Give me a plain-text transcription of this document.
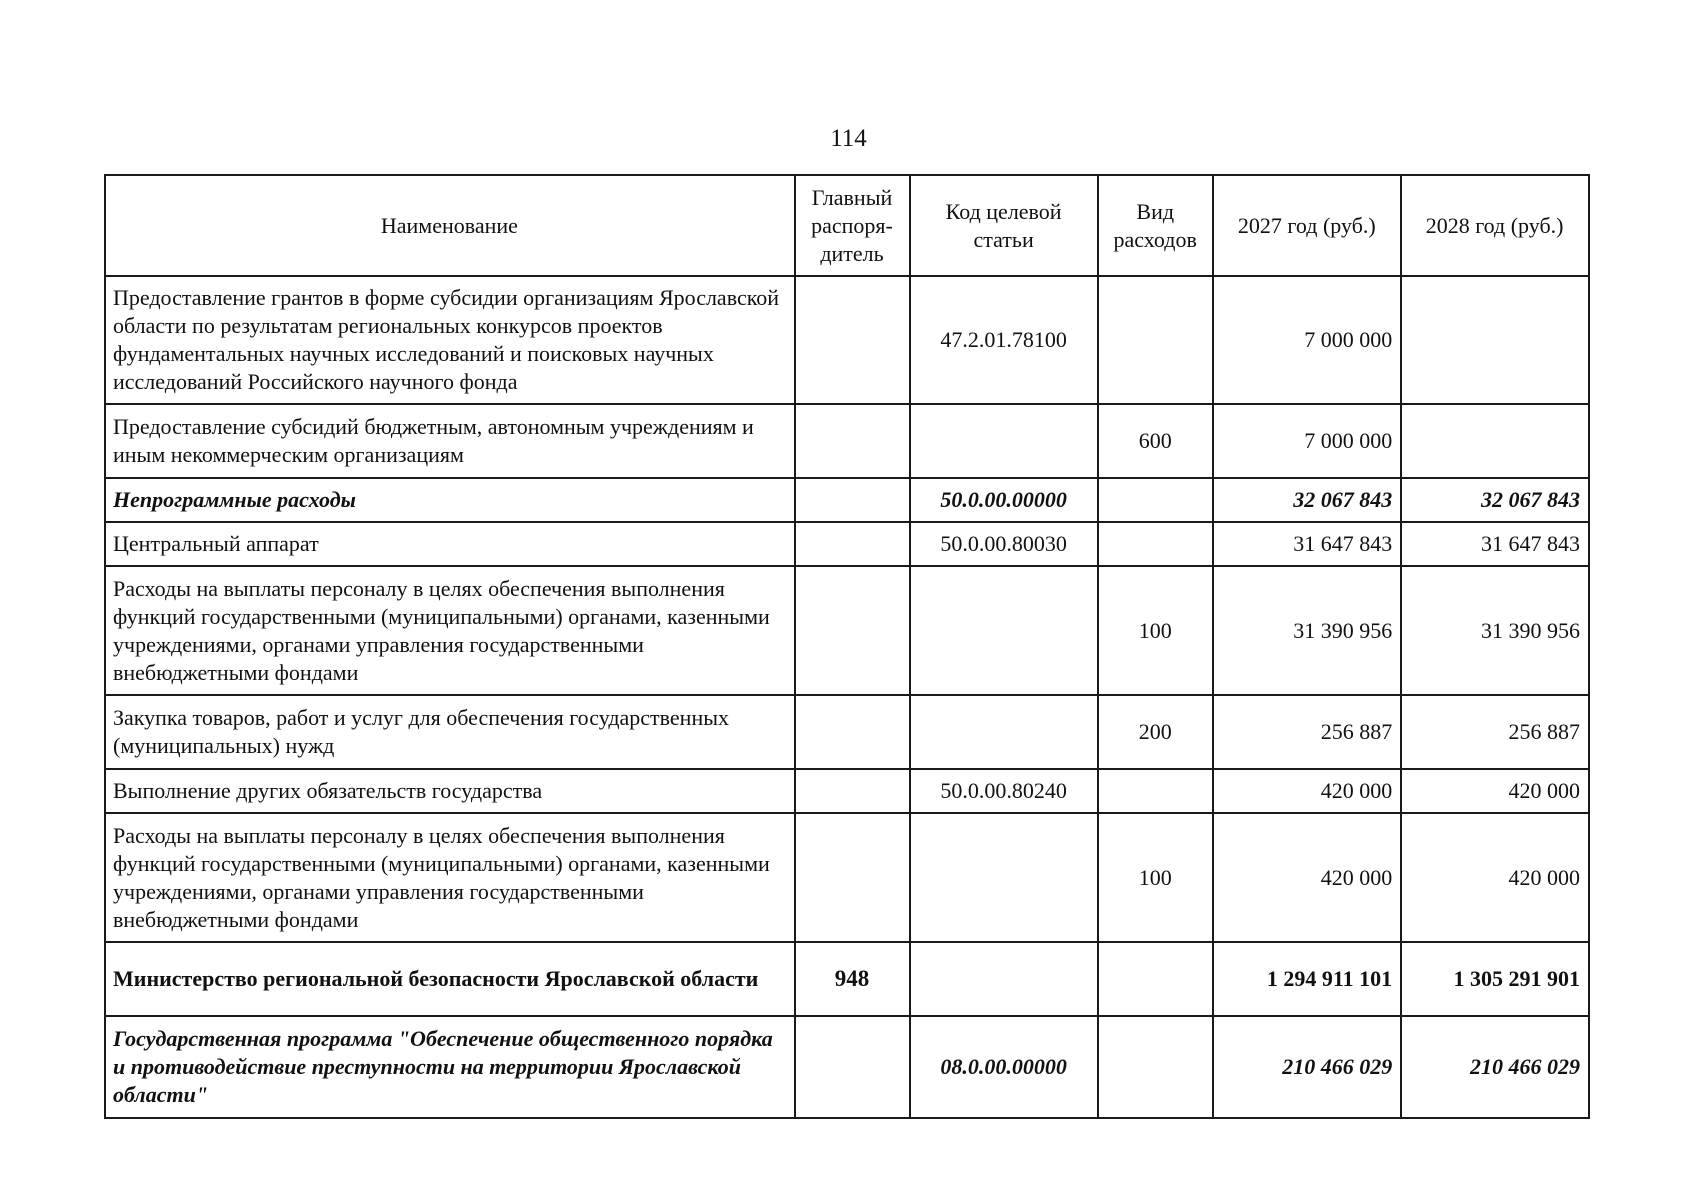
114
Наименование	Главный распоря-дитель	Код целевой статьи	Вид расходов	2027 год (руб.)	2028 год (руб.)
Предоставление грантов в форме субсидии организациям Ярославской области по результатам региональных конкурсов проектов фундаментальных научных исследований и поисковых научных исследований Российского научного фонда		47.2.01.78100		7 000 000	
Предоставление субсидий бюджетным, автономным учреждениям и иным некоммерческим организациям			600	7 000 000	
Непрограммные расходы		50.0.00.00000		32 067 843	32 067 843
Центральный аппарат		50.0.00.80030		31 647 843	31 647 843
Расходы на выплаты персоналу в целях обеспечения выполнения функций государственными (муниципальными) органами, казенными учреждениями, органами управления государственными внебюджетными фондами			100	31 390 956	31 390 956
Закупка товаров, работ и услуг для обеспечения государственных (муниципальных) нужд			200	256 887	256 887
Выполнение других обязательств государства		50.0.00.80240		420 000	420 000
Расходы на выплаты персоналу в целях обеспечения выполнения функций государственными (муниципальными) органами, казенными учреждениями, органами управления государственными внебюджетными фондами			100	420 000	420 000
Министерство региональной безопасности Ярославской области	948			1 294 911 101	1 305 291 901
Государственная программа "Обеспечение общественного порядка и противодействие преступности на территории Ярославской области"		08.0.00.00000		210 466 029	210 466 029
